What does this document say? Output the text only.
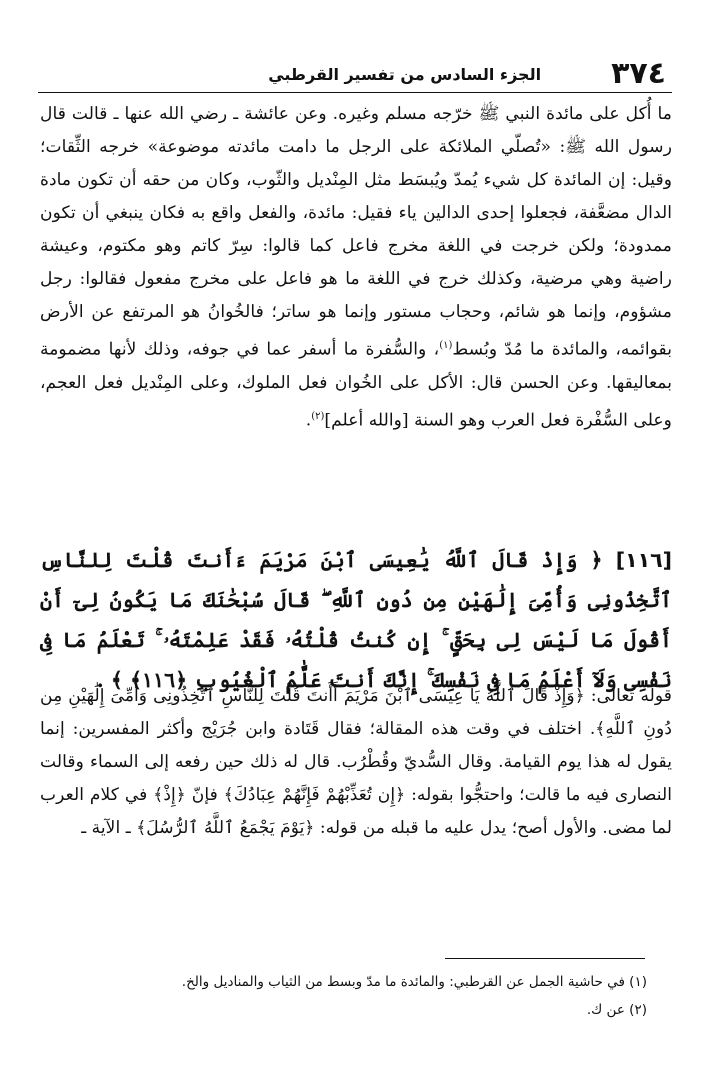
٣٧٤
الجزء السادس من تفسير القرطبي

ما أُكل على مائدة النبي ﷺ خرّجه مسلم وغيره. وعن عائشة ـ رضي الله عنها ـ قالت قال رسول الله ﷺ: «تُصلّي الملائكة على الرجل ما دامت مائدته موضوعة» خرجه الثِّقات؛ وقيل: إن المائدة كل شيء يُمدّ ويُبسَط مثل المِنْديل والثّوب، وكان من حقه أن تكون مادة الدال مضعَّفة، فجعلوا إحدى الدالين ياء فقيل: مائدة، والفعل واقع به فكان ينبغي أن تكون ممدودة؛ ولكن خرجت في اللغة مخرج فاعل كما قالوا: سِرّ كاتم وهو مكتوم، وعيشة راضية وهي مرضية، وكذلك خرج في اللغة ما هو فاعل على مخرج مفعول فقالوا: رجل مشؤوم، وإنما هو شائم، وحجاب مستور وإنما هو ساتر؛ فالخُوانُ هو المرتفع عن الأرض بقوائمه، والمائدة ما مُدّ وبُسط$^{(١)}$، والسُّفرة ما أسفر عما في جوفه، وذلك لأنها مضمومة بمعاليقها. وعن الحسن قال: الأكل على الخُوان فعل الملوك، وعلى المِنْديل فعل العجم، وعلى السُّفْرة فعل العرب وهو السنة [والله أعلم]$^{(٢)}$.

[١١٦] ﴿ وَإِذْ قَالَ ٱللَّهُ يَٰعِيسَى ٱبْنَ مَرْيَمَ ءَأَنتَ قُلْتَ لِلنَّاسِ ٱتَّخِذُونِى وَأُمِّىَ إِلَٰهَيْنِ مِن دُونِ ٱللَّهِ ۖ قَالَ سُبْحَٰنَكَ مَا يَكُونُ لِىٓ أَنْ أَقُولَ مَا لَيْسَ لِى بِحَقٍّ ۚ إِن كُنتُ قُلْتُهُۥ فَقَدْ عَلِمْتَهُۥ ۚ تَعْلَمُ مَا فِى نَفْسِى وَلَآ أَعْلَمُ مَا فِى نَفْسِكَ ۚ إِنَّكَ أَنتَ عَلَّٰمُ ٱلْغُيُوبِ ﴿١١٦﴾ ﴾ .

قوله تعالى: ﴿وَإِذْ قَالَ ٱللَّهُ يَا عِيسَى ٱبْنَ مَرْيَمَ أَأَنتَ قُلْتَ لِلنَّاسِ ٱتَّخِذُونِى وَأُمِّىَ إِلَٰهَيْنِ مِن دُونِ ٱللَّهِ﴾. اختلف في وقت هذه المقالة؛ فقال قَتَادة وابن جُرَيْج وأكثر المفسرين: إنما يقول له هذا يوم القيامة. وقال السُّديّ وقُطْرُب. قال له ذلك حين رفعه إلى السماء وقالت النصارى فيه ما قالت؛ واحتجُّوا بقوله: ﴿إِن تُعَذِّبْهُمْ فَإِنَّهُمْ عِبَادُكَ﴾ فإنّ ﴿إِذْ﴾ في كلام العرب لما مضى. والأول أصح؛ يدل عليه ما قبله من قوله: ﴿يَوْمَ يَجْمَعُ ٱللَّهُ ٱلرُّسُلَ﴾ ـ الآية ـ

(١) في حاشية الجمل عن القرطبي: والمائدة ما مدّ وبسط من الثياب والمناديل والخ.
(٢) عن ك.
